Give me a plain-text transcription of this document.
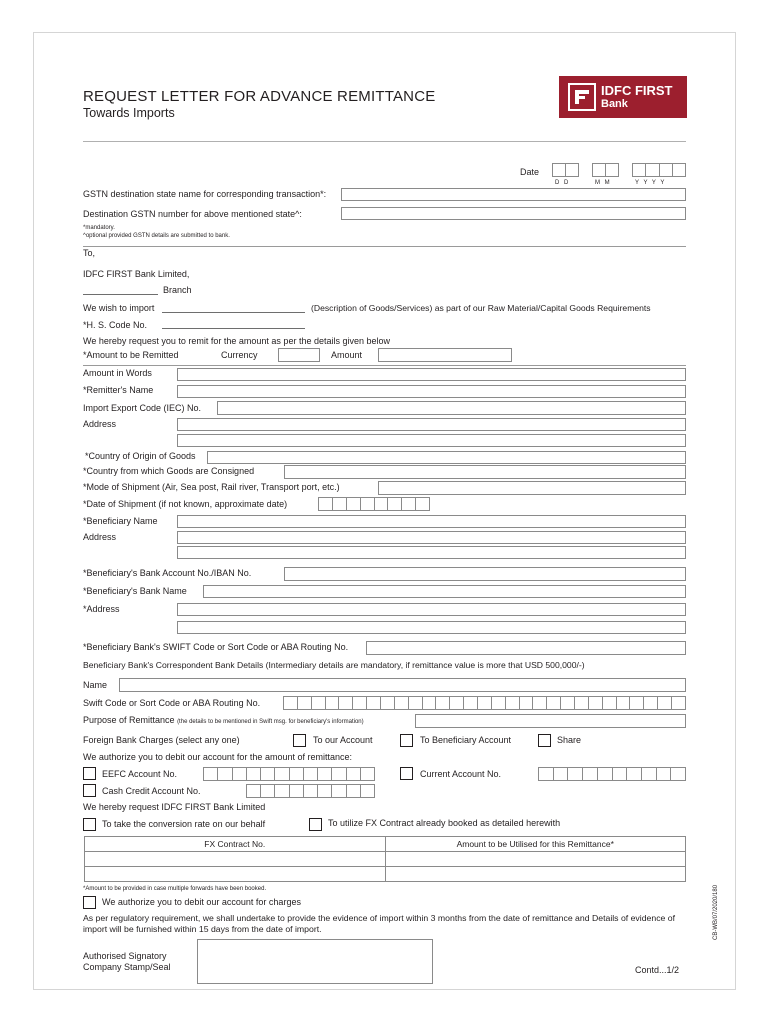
REQUEST LETTER FOR ADVANCE REMITTANCE
Towards Imports
IDFC FIRST
Bank
Date
D D	M M	Y Y Y Y
GSTN destination state name for corresponding transaction*:
Destination GSTN number for above mentioned state^:
*mandatory.
^optional provided GSTN details are submitted to bank.
To,
IDFC FIRST Bank Limited,
Branch
We wish to import	(Description of Goods/Services) as part of our Raw Material/Capital Goods Requirements
*H. S. Code No.
We hereby request you to remit for the amount as per the details given below
*Amount to be Remitted	Currency	Amount
Amount in Words
*Remitter's Name
Import Export Code (IEC) No.
Address
*Country of Origin of Goods
*Country from which Goods are Consigned
*Mode of Shipment (Air, Sea post, Rail river, Transport port, etc.)
*Date of Shipment (if not known, approximate date)
*Beneficiary Name
Address
*Beneficiary's Bank Account No./IBAN No.
*Beneficiary's Bank Name
*Address
*Beneficiary Bank's SWIFT Code or Sort Code or ABA Routing No.
Beneficiary Bank's Correspondent Bank Details (Intermediary details are mandatory, if remittance value is more that USD 500,000/-)
Name
Swift Code or Sort Code or ABA Routing No.
Purpose of Remittance (the details to be mentioned in Swift msg. for beneficiary's information)
Foreign Bank Charges (select any one)	To our Account	To Beneficiary Account	Share
We authorize you to debit our account for the amount of remittance:
EEFC Account No.	Current Account No.
Cash Credit Account No.
We hereby request IDFC FIRST Bank Limited
To take the conversion rate on our behalf	To utilize FX Contract already booked as detailed herewith
FX Contract No.	Amount to be Utilised for this Remittance*

*Amount to be provided in case multiple forwards have been booked.
We authorize you to debit our account for charges
As per regulatory requirement, we shall undertake to provide the evidence of import within 3 months from the date of remittance and Details of evidence of import will be furnished within 15 days from the date of import.
Authorised Signatory
Company Stamp/Seal	Contd...1/2
CB-WB/07/2020/180
